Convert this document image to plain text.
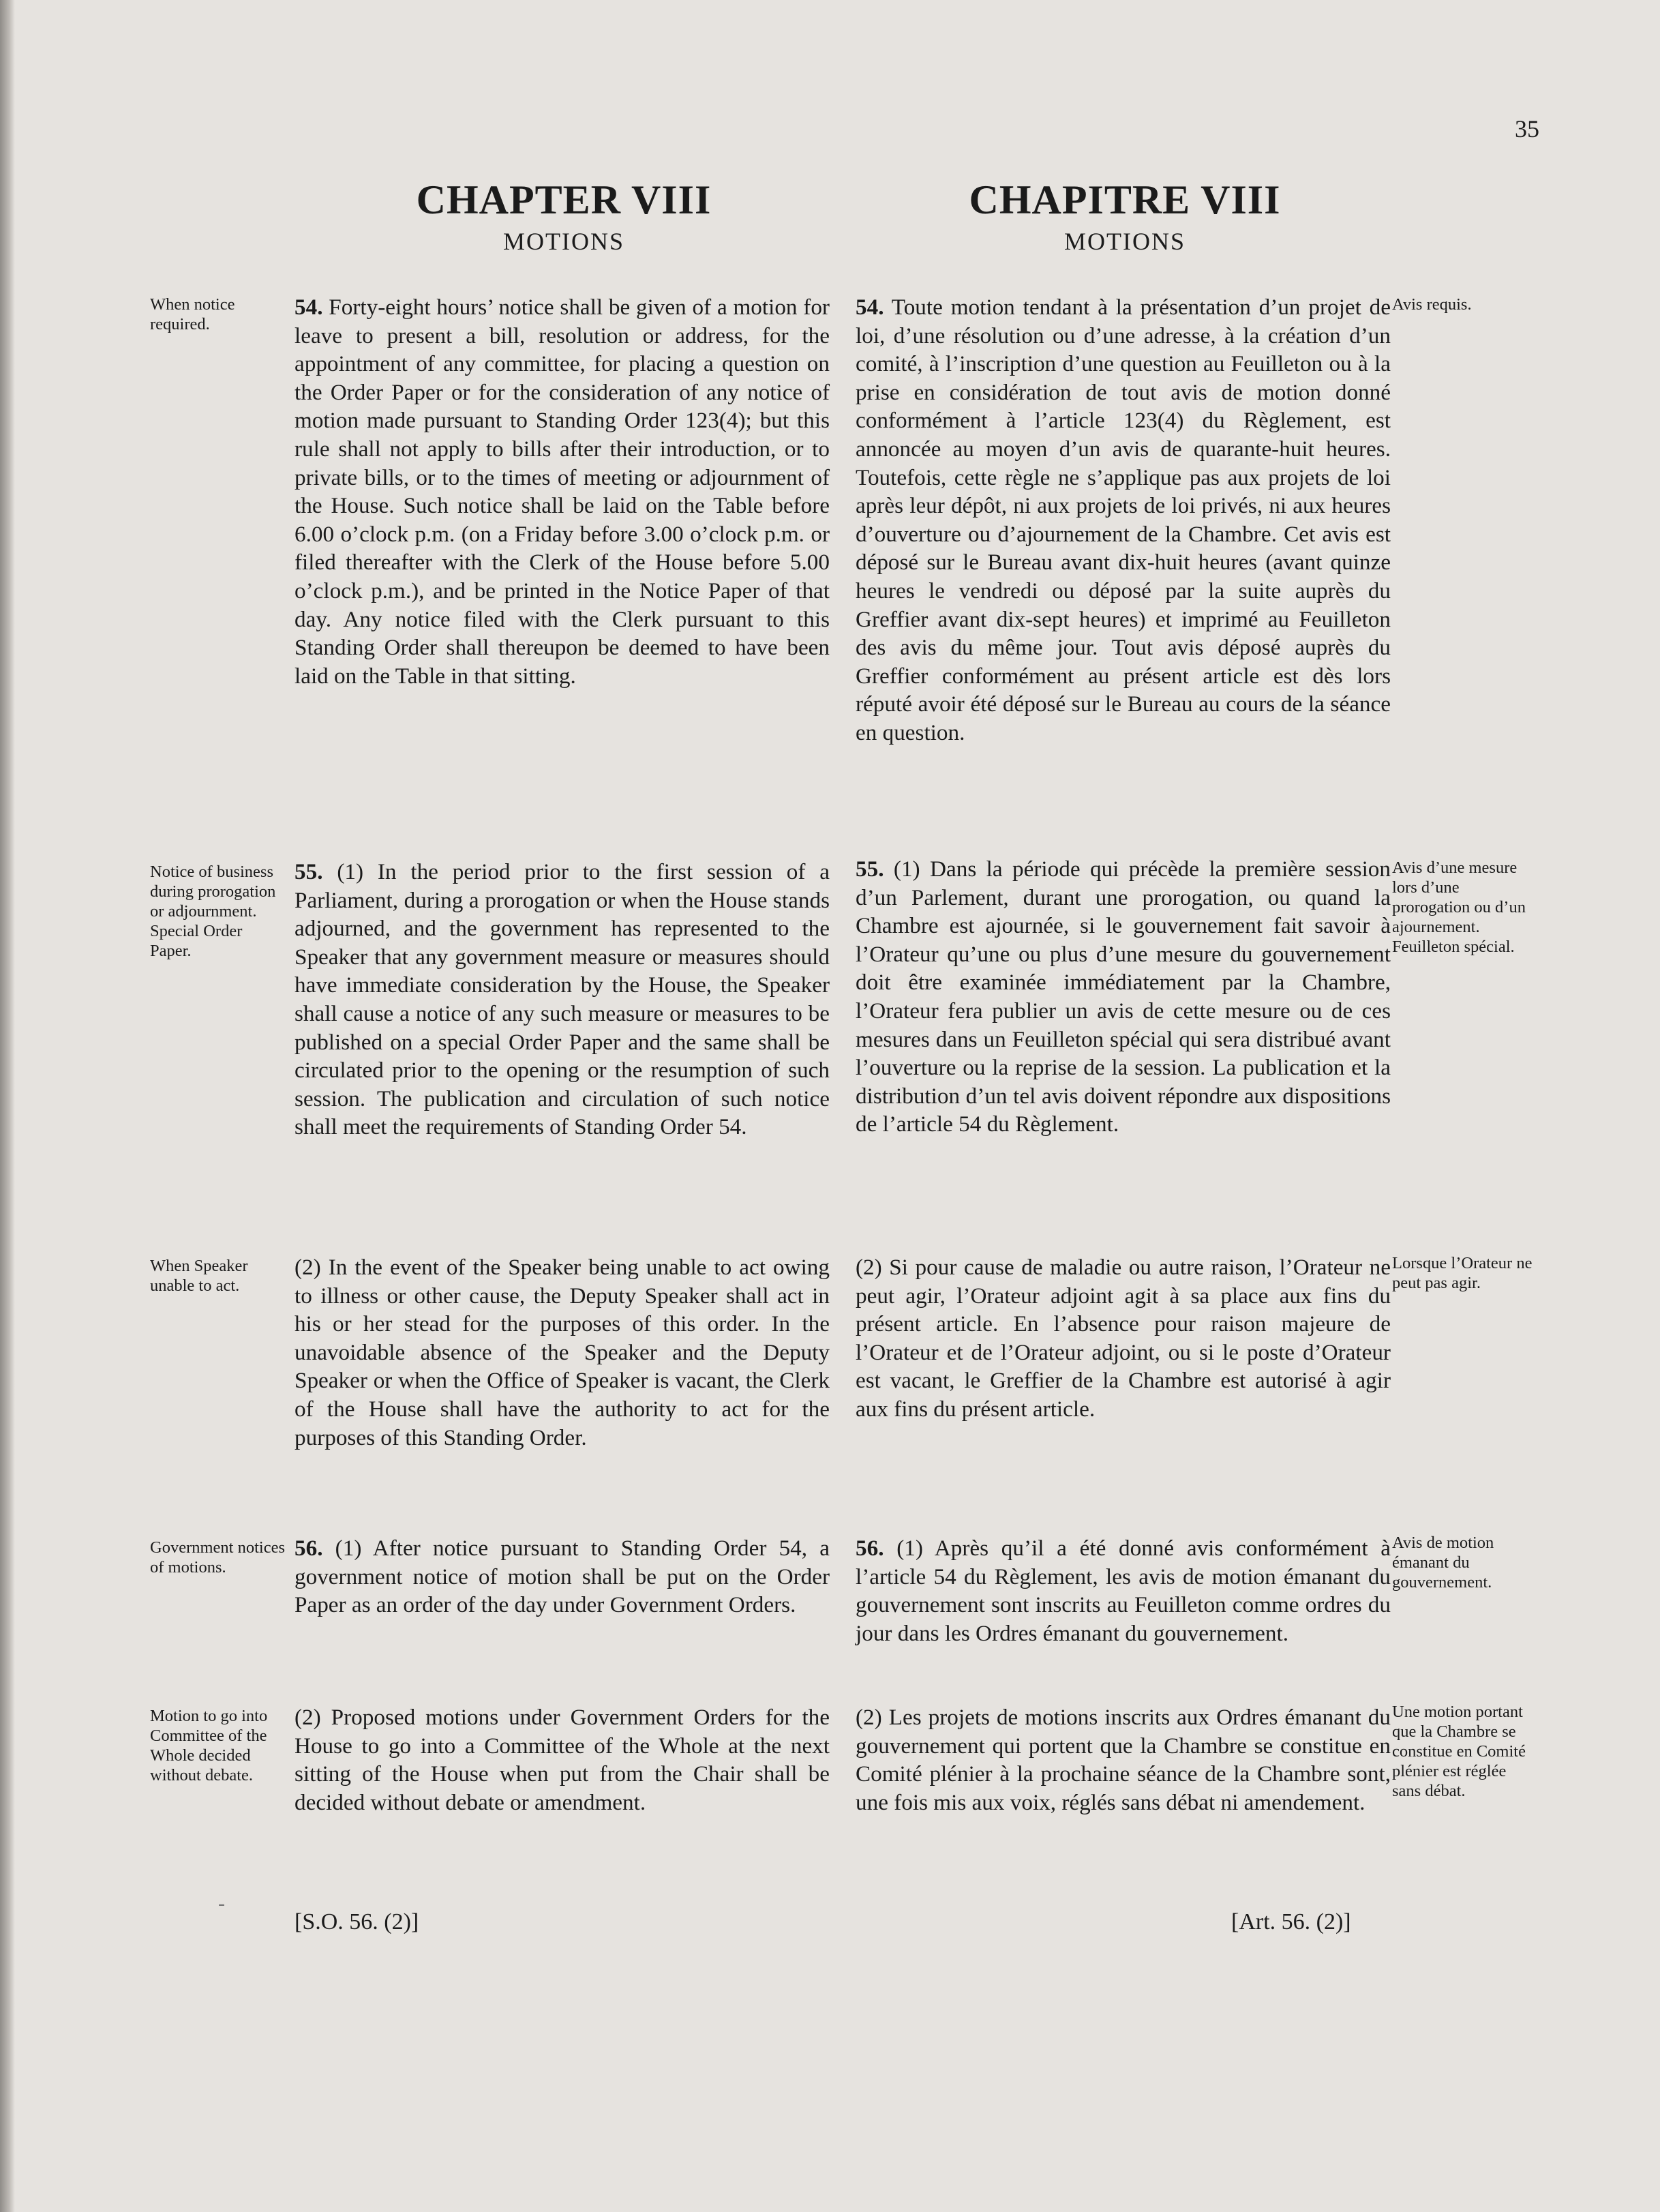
35
CHAPTER VIII
MOTIONS
CHAPITRE VIII
MOTIONS
When notice required.
Notice of business during prorogation or adjournment. Special Order Paper.
When Speaker unable to act.
Government notices of motions.
Motion to go into Committee of the Whole decided without debate.

54. Forty-eight hours’ notice shall be given of a motion for leave to present a bill, resolution or address, for the appointment of any committee, for placing a question on the Order Paper or for the consideration of any notice of motion made pursuant to Standing Order 123(4); but this rule shall not apply to bills after their introduction, or to private bills, or to the times of meeting or adjournment of the House. Such notice shall be laid on the Table before 6.00 o’clock p.m. (on a Friday before 3.00 o’clock p.m. or filed thereafter with the Clerk of the House before 5.00 o’clock p.m.), and be printed in the Notice Paper of that day. Any notice filed with the Clerk pursuant to this Standing Order shall thereupon be deemed to have been laid on the Table in that sitting.

55. (1) In the period prior to the first session of a Parliament, during a prorogation or when the House stands adjourned, and the government has represented to the Speaker that any government measure or measures should have immediate consideration by the House, the Speaker shall cause a notice of any such measure or measures to be published on a special Order Paper and the same shall be circulated prior to the opening or the resumption of such session. The publication and circulation of such notice shall meet the requirements of Standing Order 54.

(2) In the event of the Speaker being unable to act owing to illness or other cause, the Deputy Speaker shall act in his or her stead for the purposes of this order. In the unavoidable absence of the Speaker and the Deputy Speaker or when the Office of Speaker is vacant, the Clerk of the House shall have the authority to act for the purposes of this Standing Order.

56. (1) After notice pursuant to Standing Order 54, a government notice of motion shall be put on the Order Paper as an order of the day under Government Orders.

(2) Proposed motions under Government Orders for the House to go into a Committee of the Whole at the next sitting of the House when put from the Chair shall be decided without debate or amendment.

54. Toute motion tendant à la présentation d’un projet de loi, d’une résolution ou d’une adresse, à la création d’un comité, à l’inscription d’une question au Feuilleton ou à la prise en considération de tout avis de motion donné conformément à l’article 123(4) du Règlement, est annoncée au moyen d’un avis de quarante-huit heures. Toutefois, cette règle ne s’applique pas aux projets de loi après leur dépôt, ni aux projets de loi privés, ni aux heures d’ouverture ou d’ajournement de la Chambre. Cet avis est déposé sur le Bureau avant dix-huit heures (avant quinze heures le vendredi ou déposé par la suite auprès du Greffier avant dix-sept heures) et imprimé au Feuilleton des avis du même jour. Tout avis déposé auprès du Greffier conformément au présent article est dès lors réputé avoir été déposé sur le Bureau au cours de la séance en question.

55. (1) Dans la période qui précède la première session d’un Parlement, durant une prorogation, ou quand la Chambre est ajournée, si le gouvernement fait savoir à l’Orateur qu’une ou plus d’une mesure du gouvernement doit être examinée immédiatement par la Chambre, l’Orateur fera publier un avis de cette mesure ou de ces mesures dans un Feuilleton spécial qui sera distribué avant l’ouverture ou la reprise de la session. La publication et la distribution d’un tel avis doivent répondre aux dispositions de l’article 54 du Règlement.

(2) Si pour cause de maladie ou autre raison, l’Orateur ne peut agir, l’Orateur adjoint agit à sa place aux fins du présent article. En l’absence pour raison majeure de l’Orateur et de l’Orateur adjoint, ou si le poste d’Orateur est vacant, le Greffier de la Chambre est autorisé à agir aux fins du présent article.

56. (1) Après qu’il a été donné avis conformément à l’article 54 du Règlement, les avis de motion émanant du gouvernement sont inscrits au Feuilleton comme ordres du jour dans les Ordres émanant du gouvernement.

(2) Les projets de motions inscrits aux Ordres émanant du gouvernement qui portent que la Chambre se constitue en Comité plénier à la prochaine séance de la Chambre sont, une fois mis aux voix, réglés sans débat ni amendement.

Avis requis.
Avis d’une mesure lors d’une prorogation ou d’un ajournement. Feuilleton spécial.
Lorsque l’Orateur ne peut pas agir.
Avis de motion émanant du gouvernement.
Une motion portant que la Chambre se constitue en Comité plénier est réglée sans débat.
-
[S.O. 56. (2)]	[Art. 56. (2)]
